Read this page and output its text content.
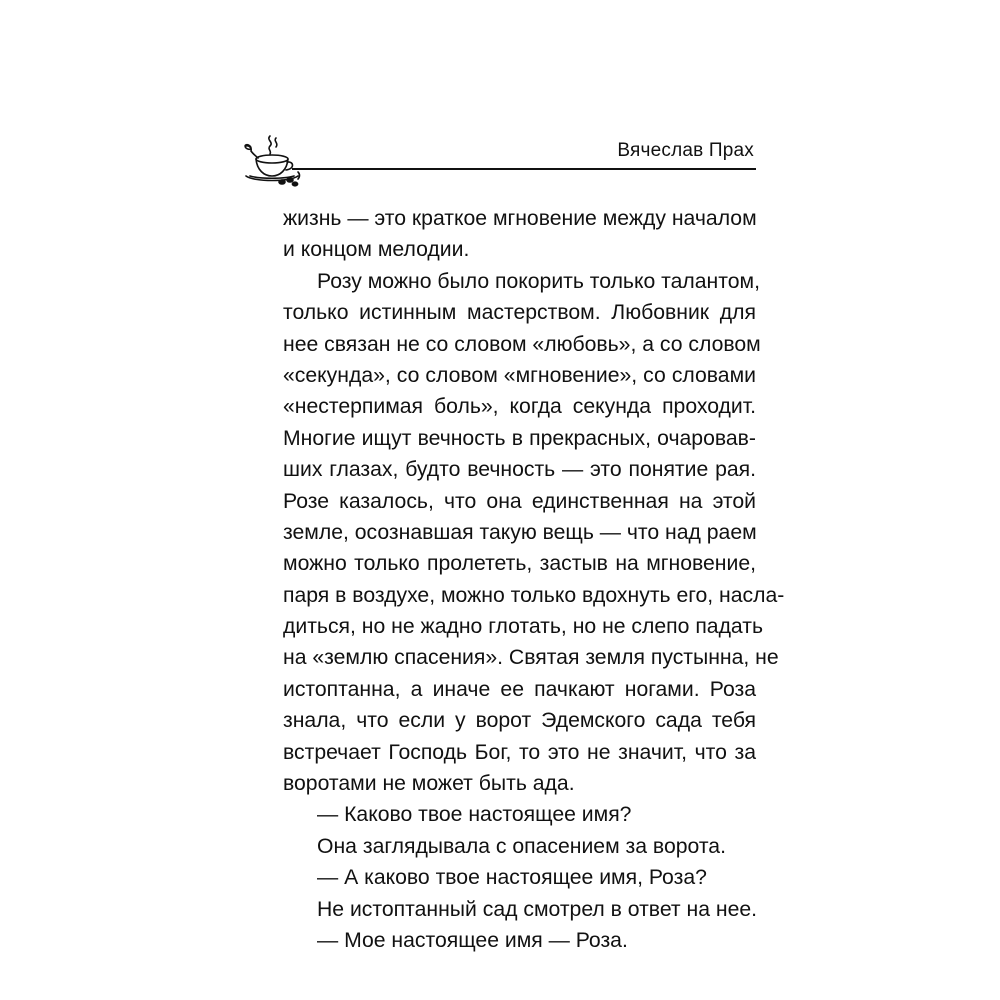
Вячеслав Прах
жизнь — это краткое мгновение между началом
и концом мелодии.
Розу можно было покорить только талантом,
только истинным мастерством. Любовник для
нее связан не со словом «любовь», а со словом
«секунда», со словом «мгновение», со словами
«нестерпимая боль», когда секунда проходит.
Многие ищут вечность в прекрасных, очаровав-
ших глазах, будто вечность — это понятие рая.
Розе казалось, что она единственная на этой
земле, осознавшая такую вещь — что над раем
можно только пролететь, застыв на мгновение,
паря в воздухе, можно только вдохнуть его, насла-
диться, но не жадно глотать, но не слепо падать
на «землю спасения». Святая земля пустынна, не
истоптанна, а иначе ее пачкают ногами. Роза
знала, что если у ворот Эдемского сада тебя
встречает Господь Бог, то это не значит, что за
воротами не может быть ада.
— Каково твое настоящее имя?
Она заглядывала с опасением за ворота.
— А каково твое настоящее имя, Роза?
Не истоптанный сад смотрел в ответ на нее.
— Мое настоящее имя — Роза.
